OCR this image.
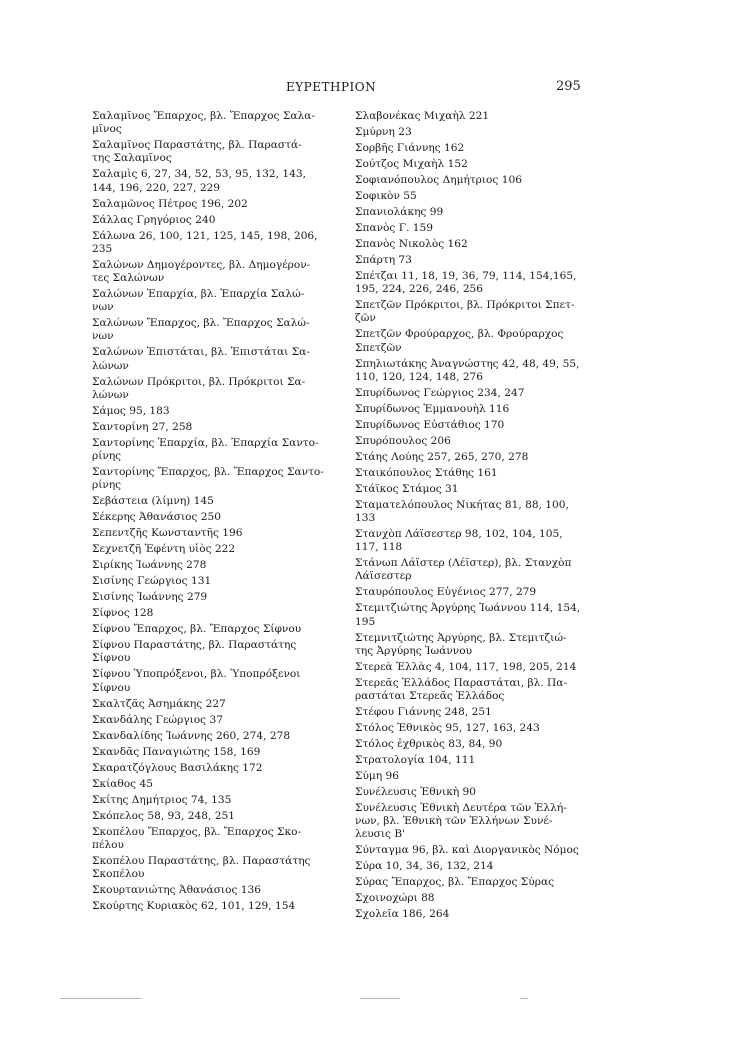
ΕΥΡΕΤΗΡΙΟΝ	295
Σαλαμῖνος Ἔπαρχος, βλ. Ἔπαρχος Σαλα-
μῖνος
Σαλαμῖνος Παραστάτης, βλ. Παραστά-
της Σαλαμῖνος
Σαλαμὶς 6, 27, 34, 52, 53, 95, 132, 143,
144, 196, 220, 227, 229
Σαλαμῶνος Πέτρος 196, 202
Σάλλας Γρηγόριος 240
Σάλωνα 26, 100, 121, 125, 145, 198, 206,
235
Σαλώνων Δημογέροντες, βλ. Δημογέρον-
τες Σαλώνων
Σαλώνων Ἐπαρχία, βλ. Ἐπαρχία Σαλώ-
νων
Σαλώνων Ἔπαρχος, βλ. Ἔπαρχος Σαλώ-
νων
Σαλώνων Ἐπιστάται, βλ. Ἐπιστάται Σα-
λώνων
Σαλώνων Πρόκριτοι, βλ. Πρόκριτοι Σα-
λώνων
Σάμος 95, 183
Σαντορίνη 27, 258
Σαντορίνης Ἐπαρχία, βλ. Ἐπαρχία Σαντο-
ρίνης
Σαντορίνης Ἔπαρχος, βλ. Ἔπαρχος Σαντο-
ρίνης
Σεβάστεια (λίμνη) 145
Σέκερης Ἀθανάσιος 250
Σεπεντζῆς Κωνσταντῆς 196
Σεχνετζῆ Ἐφέντη υἱὸς 222
Σιρίκης Ἰωάννης 278
Σισίνης Γεώργιος 131
Σισίνης Ἰωάννης 279
Σίφνος 128
Σίφνου Ἔπαρχος, βλ. Ἔπαρχος Σίφνου
Σίφνου Παραστάτης, βλ. Παραστάτης
Σίφνου
Σίφνου Ὑποπρόξενοι, βλ. Ὑποπρόξενοι
Σίφνου
Σκαλτζᾶς Ἀσημάκης 227
Σκανδάλης Γεώργιος 37
Σκανδαλίδης Ἰωάννης 260, 274, 278
Σκανδᾶς Παναγιώτης 158, 169
Σκαρατζόγλους Βασιλάκης 172
Σκίαθος 45
Σκίτης Δημήτριος 74, 135
Σκόπελος 58, 93, 248, 251
Σκοπέλου Ἔπαρχος, βλ. Ἔπαρχος Σκο-
πέλου
Σκοπέλου Παραστάτης, βλ. Παραστάτης
Σκοπέλου
Σκουρτανιώτης Ἀθανάσιος 136
Σκούρτης Κυριακὸς 62, 101, 129, 154
Σλαβονέκας Μιχαὴλ 221
Σμύρνη 23
Σορβῆς Γιάννης 162
Σούτζος Μιχαὴλ 152
Σοφιανόπουλος Δημήτριος 106
Σοφικὸν 55
Σπανιολάκης 99
Σπανὸς Γ. 159
Σπανὸς Νικολὸς 162
Σπάρτη 73
Σπέτζαι 11, 18, 19, 36, 79, 114, 154,165,
195, 224, 226, 246, 256
Σπετζῶν Πρόκριτοι, βλ. Πρόκριτοι Σπετ-
ζῶν
Σπετζῶν Φρούραρχος, βλ. Φρούραρχος
Σπετζῶν
Σπηλιωτάκης Ἀναγνώστης 42, 48, 49, 55,
110, 120, 124, 148, 276
Σπυρίδωνος Γεώργιος 234, 247
Σπυρίδωνος Ἐμμανουὴλ 116
Σπυρίδωνος Εὐστάθιος 170
Σπυρόπουλος 206
Στάης Λούης 257, 265, 270, 278
Σταικόπουλος Στάθης 161
Στάϊκος Στάμος 31
Σταματελόπουλος Νικήτας 81, 88, 100,
133
Στανχὸπ Λάϊσεστερ 98, 102, 104, 105,
117, 118
Στάνωπ Λάϊστερ (Λέϊστερ), βλ. Στανχὸπ
Λάϊσεστερ
Σταυρόπουλος Εὐγένιος 277, 279
Στεμιτζιώτης Ἀργύρης Ἰωάννου 114, 154,
195
Στεμνιτζιώτης Ἀργύρης, βλ. Στεμιτζιώ-
της Ἀργύρης Ἰωάννου
Στερεὰ Ἑλλὰς 4, 104, 117, 198, 205, 214
Στερεᾶς Ἑλλάδος Παραστάται, βλ. Πα-
ραστάται Στερεᾶς Ἑλλάδος
Στέφου Γιάννης 248, 251
Στόλος Ἐθνικὸς 95, 127, 163, 243
Στόλος ἐχθρικὸς 83, 84, 90
Στρατολογία 104, 111
Σύμη 96
Συνέλευσις Ἐθνικὴ 90
Συνέλευσις Ἐθνικὴ Δευτέρα τῶν Ἑλλή-
νων, βλ. Ἐθνικὴ τῶν Ἑλλήνων Συνέ-
λευσις Β'
Σύνταγμα 96, βλ. καὶ Διοργανικὸς Νόμος
Σύρα 10, 34, 36, 132, 214
Σύρας Ἔπαρχος, βλ. Ἔπαρχος Σύρας
Σχοινοχώρι 88
Σχολεῖα 186, 264
